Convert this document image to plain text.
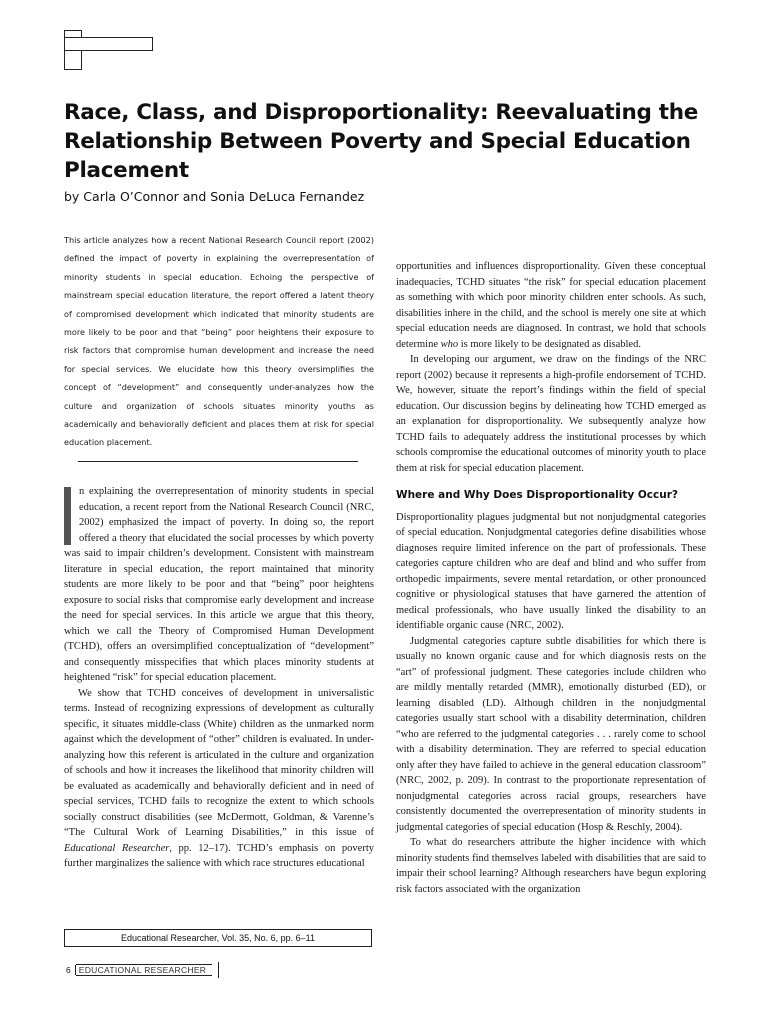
Race, Class, and Disproportionality: Reevaluating the Relationship Between Poverty and Special Education Placement

by Carla O’Connor and Sonia DeLuca Fernandez

This article analyzes how a recent National Research Council report (2002) defined the impact of poverty in explaining the overrepresentation of minority students in special education. Echoing the perspective of mainstream special education literature, the report offered a latent theory of compromised development which indicated that minority students are more likely to be poor and that “being” poor heightens their exposure to risk factors that compromise human development and increase the need for special services. We elucidate how this theory oversimplifies the concept of “development” and consequently under-analyzes how the culture and organization of schools situates minority youths as academically and behaviorally deficient and places them at risk for special education placement.

n explaining the overrepresentation of minority students in special education, a recent report from the National Research Council (NRC, 2002) emphasized the impact of poverty. In doing so, the report offered a theory that elucidated the social processes by which poverty was said to impair children’s development. Consistent with mainstream literature in special education, the report maintained that minority students are more likely to be poor and that “being” poor heightens exposure to social risks that compromise early development and increase the need for special services. In this article we argue that this theory, which we call the Theory of Compromised Human Development (TCHD), offers an oversimplified conceptualization of “development” and consequently misspecifies that which places minority students at heightened “risk” for special education placement.

We show that TCHD conceives of development in universalistic terms. Instead of recognizing expressions of development as culturally specific, it situates middle-class (White) children as the unmarked norm against which the development of “other” children is evaluated. In under-analyzing how this referent is articulated in the culture and organization of schools and how it increases the likelihood that minority children will be evaluated as academically and behaviorally deficient and in need of special services, TCHD fails to recognize the extent to which schools socially construct disabilities (see McDermott, Goldman, & Varenne’s “The Cultural Work of Learning Disabilities,” in this issue of Educational Researcher, pp. 12–17). TCHD’s emphasis on poverty further marginalizes the salience with which race structures educational

opportunities and influences disproportionality. Given these conceptual inadequacies, TCHD situates “the risk” for special education placement as something with which poor minority children enter schools. As such, disabilities inhere in the child, and the school is merely one site at which special education needs are diagnosed. In contrast, we hold that schools determine who is more likely to be designated as disabled.

In developing our argument, we draw on the findings of the NRC report (2002) because it represents a high-profile endorsement of TCHD. We, however, situate the report’s findings within the field of special education. Our discussion begins by delineating how TCHD emerged as an explanation for disproportionality. We subsequently analyze how TCHD fails to adequately address the institutional processes by which schools compromise the educational outcomes of minority youth to place them at risk for special education placement.

Where and Why Does Disproportionality Occur?

Disproportionality plagues judgmental but not nonjudgmental categories of special education. Nonjudgmental categories define disabilities whose diagnoses require limited inference on the part of professionals. These categories capture children who are deaf and blind and who suffer from orthopedic impairments, severe mental retardation, or other pronounced cognitive or physiological statuses that have garnered the attention of medical professionals, who have usually linked the disability to an identifiable organic cause (NRC, 2002).

Judgmental categories capture subtle disabilities for which there is usually no known organic cause and for which diagnosis rests on the “art” of professional judgment. These categories include children who are mildly mentally retarded (MMR), emotionally disturbed (ED), or learning disabled (LD). Although children in the nonjudgmental categories usually start school with a disability determination, children “who are referred to the judgmental categories . . . rarely come to school with a disability determination. They are referred to special education only after they have failed to achieve in the general education classroom” (NRC, 2002, p. 209). In contrast to the proportionate representation of nonjudgmental categories across racial groups, researchers have consistently documented the overrepresentation of minority students in judgmental categories of special education (Hosp & Reschly, 2004).

To what do researchers attribute the higher incidence with which minority students find themselves labeled with disabilities that are said to impair their school learning? Although researchers have begun exploring risk factors associated with the organization

Educational Researcher, Vol. 35, No. 6, pp. 6–11
6 EDUCATIONAL RESEARCHER
